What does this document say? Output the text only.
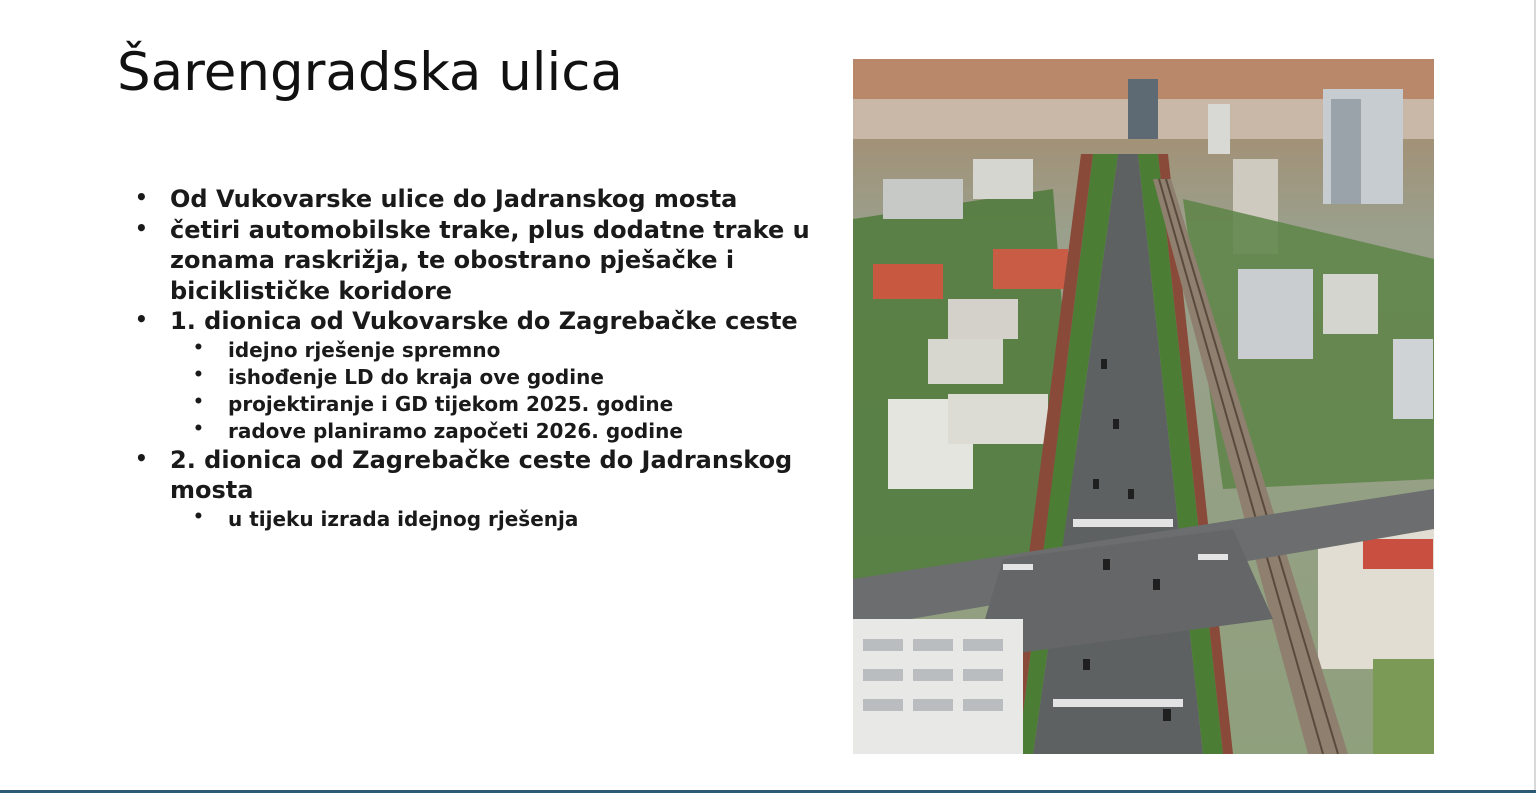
Šarengradska ulica
• Od Vukovarske ulice do Jadranskog mosta
• četiri automobilske trake, plus dodatne trake u zonama raskrižja, te obostrano pješačke i biciklističke koridore
• 1. dionica od Vukovarske do Zagrebačke ceste
• idejno rješenje spremno
• ishođenje LD do kraja ove godine
• projektiranje i GD tijekom 2025. godine
• radove planiramo započeti 2026. godine
• 2. dionica od Zagrebačke ceste do Jadranskog mosta
• u tijeku izrada idejnog rješenja
